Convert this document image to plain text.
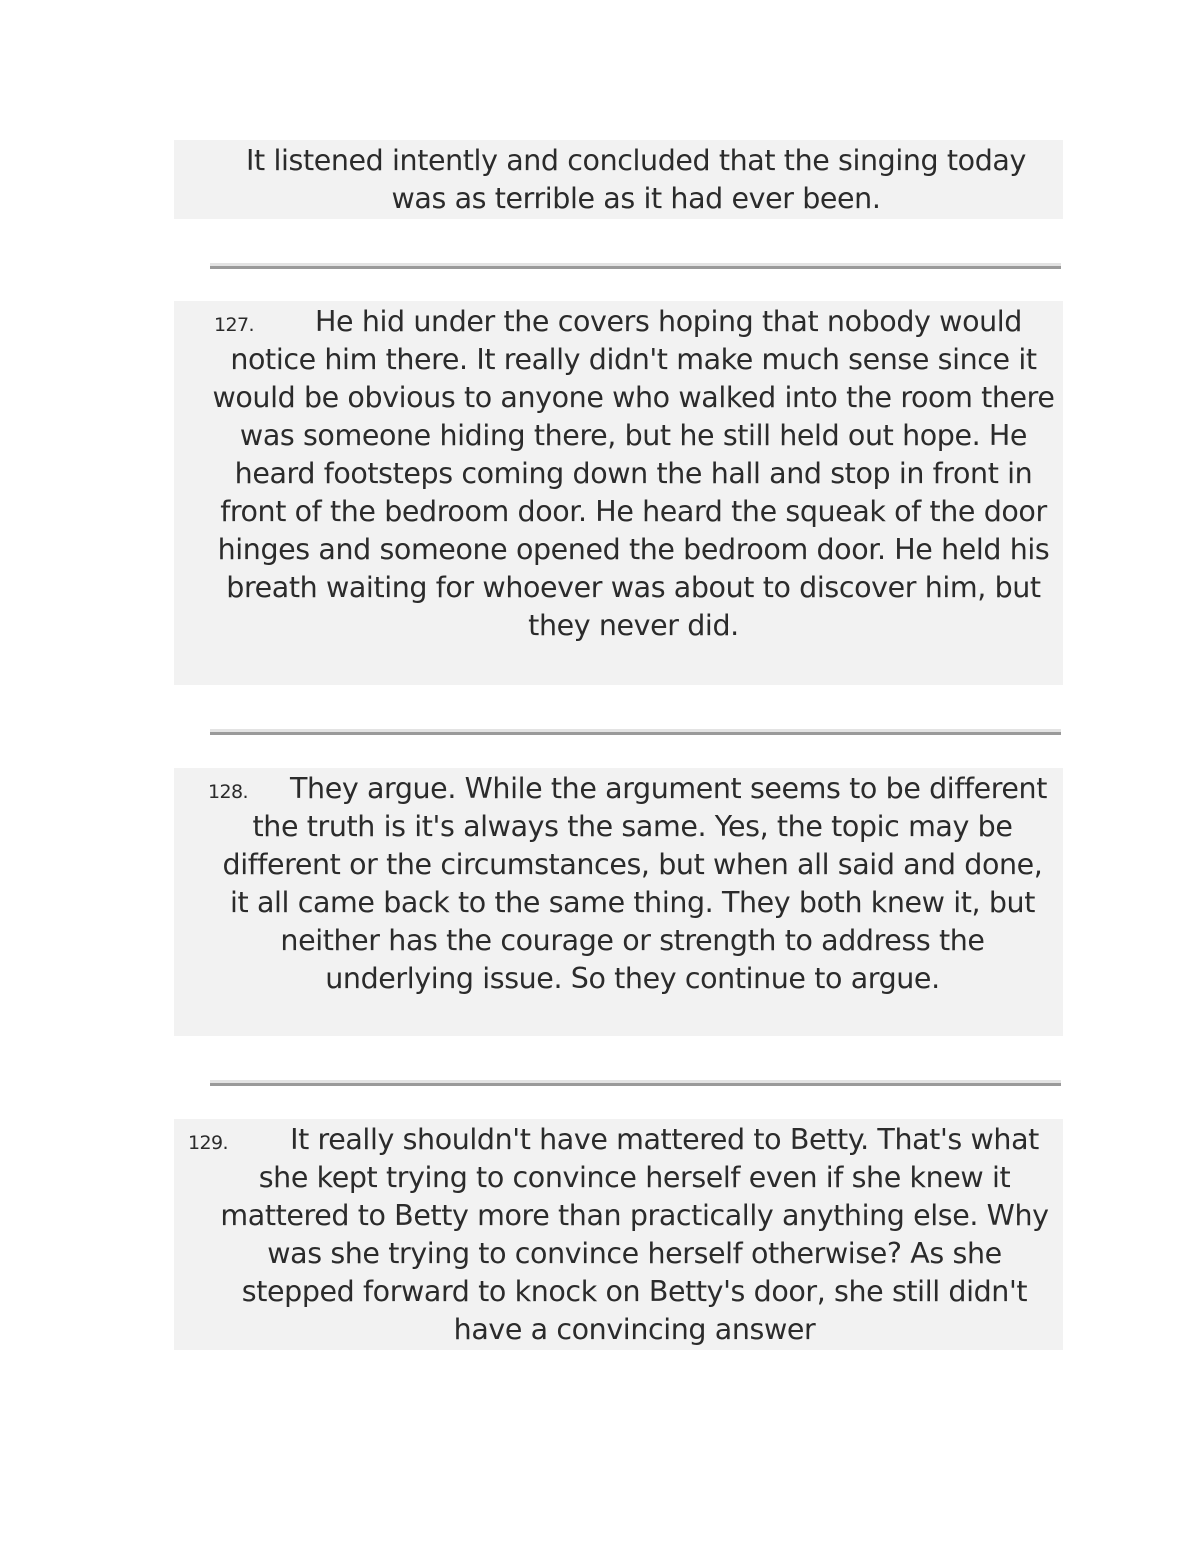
It listened intently and concluded that the singing today was as terrible as it had ever been.
127.	He hid under the covers hoping that nobody would notice him there. It really didn't make much sense since it would be obvious to anyone who walked into the room there was someone hiding there, but he still held out hope. He heard footsteps coming down the hall and stop in front in front of the bedroom door. He heard the squeak of the door hinges and someone opened the bedroom door. He held his breath waiting for whoever was about to discover him, but they never did.
128.	They argue. While the argument seems to be different the truth is it's always the same. Yes, the topic may be different or the circumstances, but when all said and done, it all came back to the same thing. They both knew it, but neither has the courage or strength to address the underlying issue. So they continue to argue.
129.	It really shouldn't have mattered to Betty. That's what she kept trying to convince herself even if she knew it mattered to Betty more than practically anything else. Why was she trying to convince herself otherwise? As she stepped forward to knock on Betty's door, she still didn't have a convincing answer
